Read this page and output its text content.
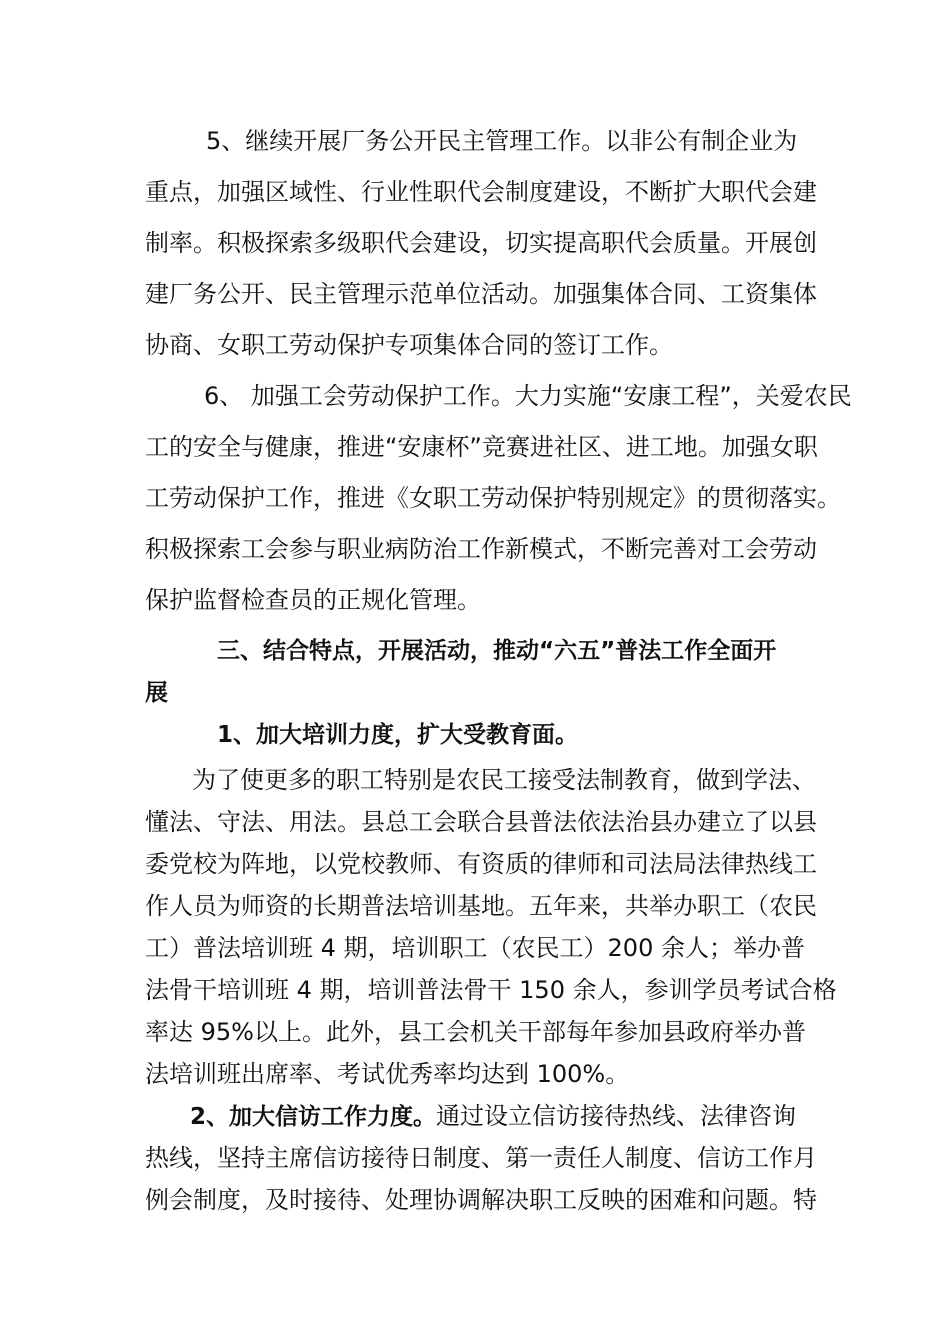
5、继续开展厂务公开民主管理工作。以非公有制企业为
重点，加强区域性、行业性职代会制度建设，不断扩大职代会建
制率。积极探索多级职代会建设，切实提高职代会质量。开展创
建厂务公开、民主管理示范单位活动。加强集体合同、工资集体
协商、女职工劳动保护专项集体合同的签订工作。
6、 加强工会劳动保护工作。大力实施“安康工程”，关爱农民
工的安全与健康，推进“安康杯”竞赛进社区、进工地。加强女职
工劳动保护工作，推进《女职工劳动保护特别规定》的贯彻落实。
积极探索工会参与职业病防治工作新模式，不断完善对工会劳动
保护监督检查员的正规化管理。
三、结合特点，开展活动，推动“六五”普法工作全面开
展
1、加大培训力度，扩大受教育面。
为了使更多的职工特别是农民工接受法制教育，做到学法、
懂法、守法、用法。县总工会联合县普法依法治县办建立了以县
委党校为阵地，以党校教师、有资质的律师和司法局法律热线工
作人员为师资的长期普法培训基地。五年来，共举办职工（农民
工）普法培训班 4 期，培训职工（农民工）200 余人；举办普
法骨干培训班 4 期，培训普法骨干 150 余人，参训学员考试合格
率达 95%以上。此外，县工会机关干部每年参加县政府举办普
法培训班出席率、考试优秀率均达到 100%。
2、加大信访工作力度。通过设立信访接待热线、法律咨询
热线，坚持主席信访接待日制度、第一责任人制度、信访工作月
例会制度，及时接待、处理协调解决职工反映的困难和问题。特
